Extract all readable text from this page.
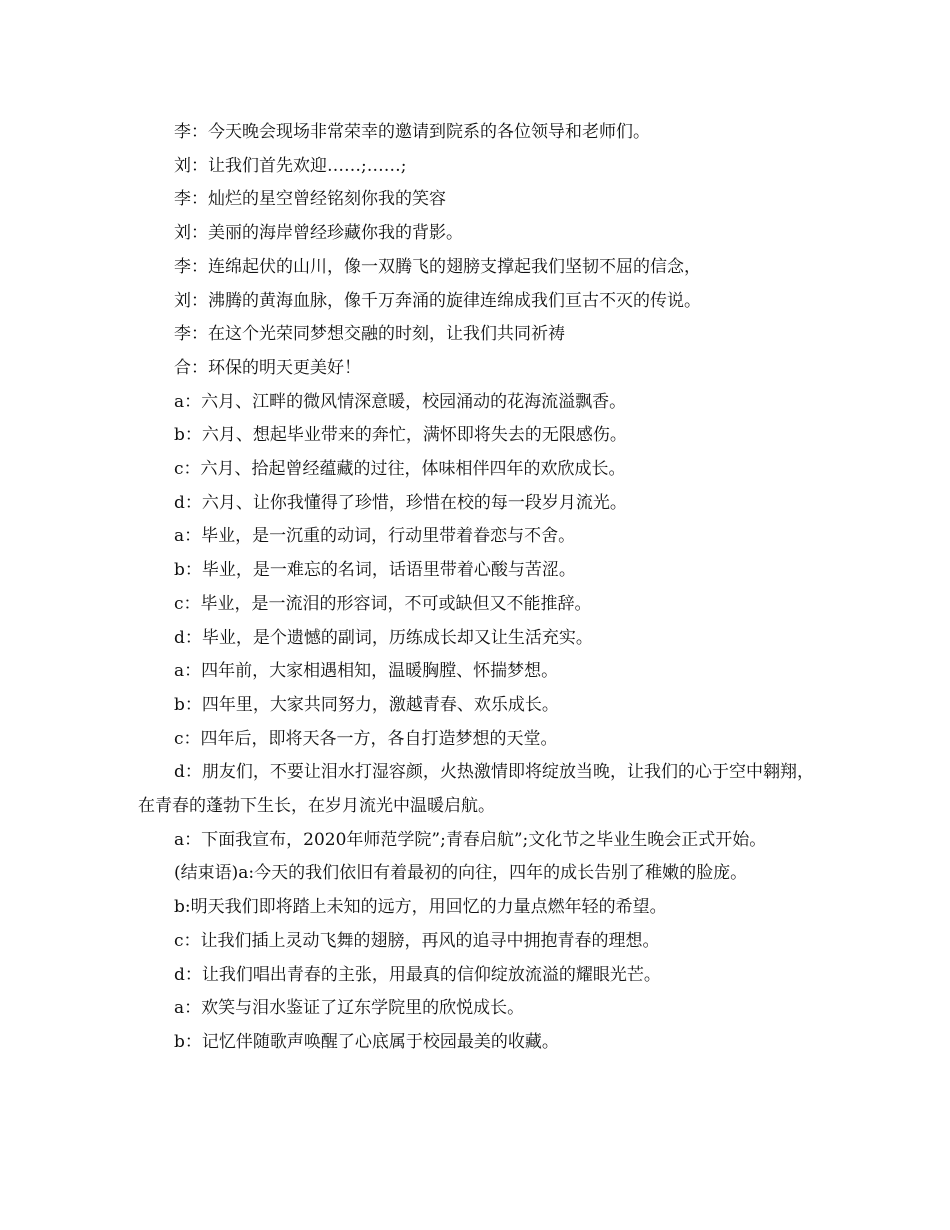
李：今天晚会现场非常荣幸的邀请到院系的各位领导和老师们。

刘：让我们首先欢迎……;……;

李：灿烂的星空曾经铭刻你我的笑容

刘：美丽的海岸曾经珍藏你我的背影。

李：连绵起伏的山川，像一双腾飞的翅膀支撑起我们坚韧不屈的信念，

刘：沸腾的黄海血脉，像千万奔涌的旋律连绵成我们亘古不灭的传说。

李：在这个光荣同梦想交融的时刻，让我们共同祈祷

合：环保的明天更美好！

a：六月、江畔的微风情深意暖，校园涌动的花海流溢飘香。

b：六月、想起毕业带来的奔忙，满怀即将失去的无限感伤。

c：六月、拾起曾经蕴藏的过往，体味相伴四年的欢欣成长。

d：六月、让你我懂得了珍惜，珍惜在校的每一段岁月流光。

a：毕业，是一沉重的动词，行动里带着眷恋与不舍。

b：毕业，是一难忘的名词，话语里带着心酸与苦涩。

c：毕业，是一流泪的形容词，不可或缺但又不能推辞。

d：毕业，是个遗憾的副词，历练成长却又让生活充实。

a：四年前，大家相遇相知，温暖胸膛、怀揣梦想。

b：四年里，大家共同努力，激越青春、欢乐成长。

c：四年后，即将天各一方，各自打造梦想的天堂。

d：朋友们，不要让泪水打湿容颜，火热激情即将绽放当晚，让我们的心于空中翱翔，在青春的蓬勃下生长，在岁月流光中温暖启航。

a：下面我宣布，2020年师范学院”;青春启航”;文化节之毕业生晚会正式开始。

(结束语)a:今天的我们依旧有着最初的向往，四年的成长告别了稚嫩的脸庞。

b:明天我们即将踏上未知的远方，用回忆的力量点燃年轻的希望。

c：让我们插上灵动飞舞的翅膀，再风的追寻中拥抱青春的理想。

d：让我们唱出青春的主张，用最真的信仰绽放流溢的耀眼光芒。

a：欢笑与泪水鉴证了辽东学院里的欣悦成长。

b：记忆伴随歌声唤醒了心底属于校园最美的收藏。
